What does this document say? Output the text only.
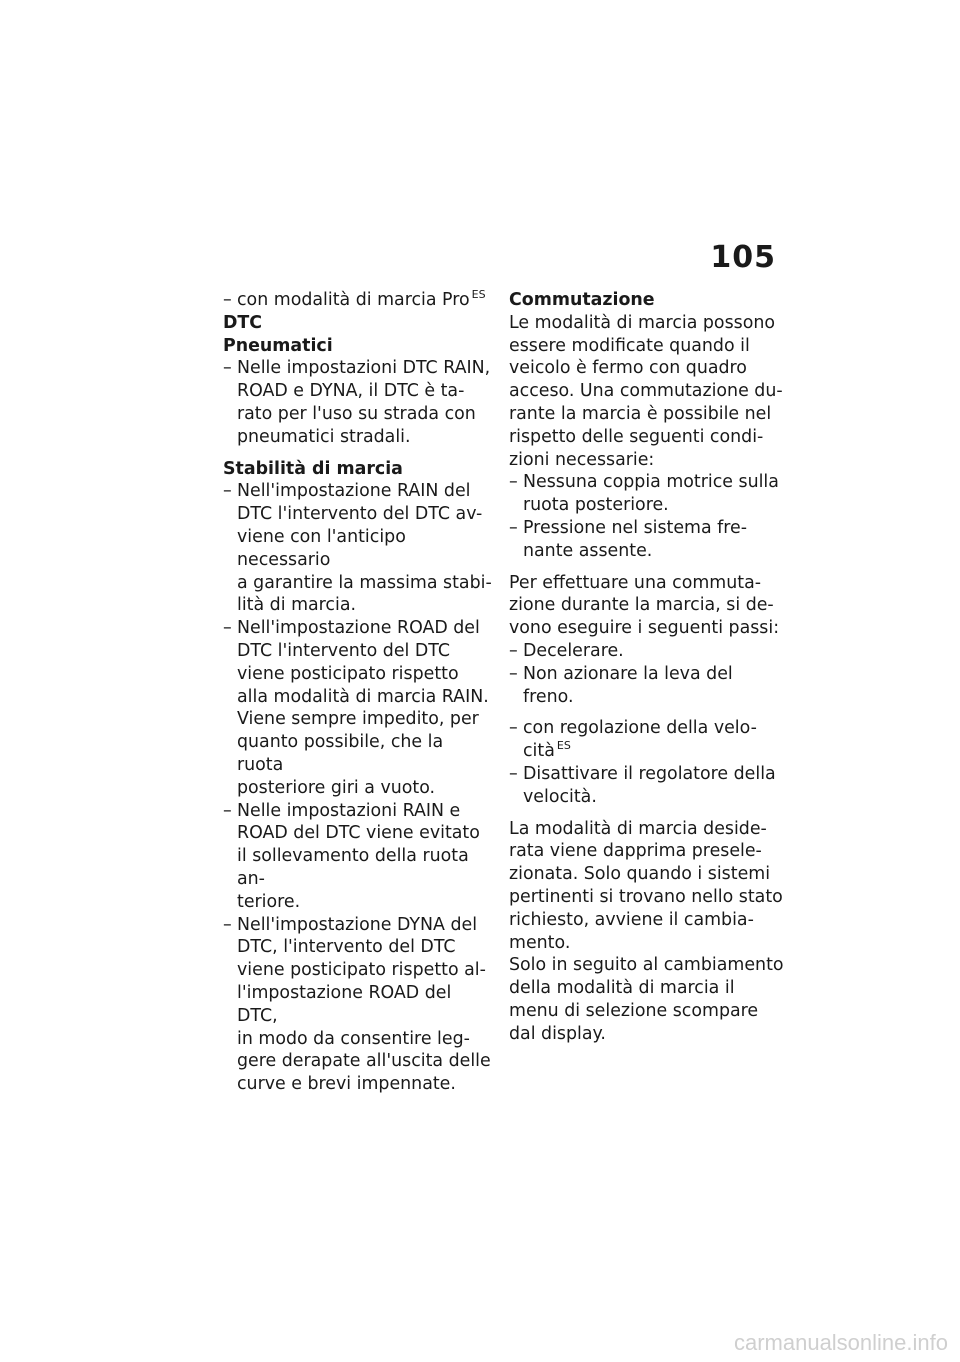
105
– con modalità di marcia Pro $^{ES}$
DTC
Pneumatici
– Nelle impostazioni DTC RAIN,
ROAD e DYNA, il DTC è ta-
rato per l'uso su strada con
pneumatici stradali.
Stabilità di marcia
– Nell'impostazione RAIN del
DTC l'intervento del DTC av-
viene con l'anticipo necessario
a garantire la massima stabi-
lità di marcia.
– Nell'impostazione ROAD del
DTC l'intervento del DTC
viene posticipato rispetto
alla modalità di marcia RAIN.
Viene sempre impedito, per
quanto possibile, che la ruota
posteriore giri a vuoto.
– Nelle impostazioni RAIN e
ROAD del DTC viene evitato
il sollevamento della ruota an-
teriore.
– Nell'impostazione DYNA del
DTC, l'intervento del DTC
viene posticipato rispetto al-
l'impostazione ROAD del DTC,
in modo da consentire leg-
gere derapate all'uscita delle
curve e brevi impennate.
Commutazione
Le modalità di marcia possono
essere modificate quando il
veicolo è fermo con quadro
acceso. Una commutazione du-
rante la marcia è possibile nel
rispetto delle seguenti condi-
zioni necessarie:
– Nessuna coppia motrice sulla
ruota posteriore.
– Pressione nel sistema fre-
nante assente.
Per effettuare una commuta-
zione durante la marcia, si de-
vono eseguire i seguenti passi:
– Decelerare.
– Non azionare la leva del freno.
– con regolazione della velo-
cità $^{ES}$
– Disattivare il regolatore della
velocità.
La modalità di marcia deside-
rata viene dapprima presele-
zionata. Solo quando i sistemi
pertinenti si trovano nello stato
richiesto, avviene il cambia-
mento.
Solo in seguito al cambiamento
della modalità di marcia il
menu di selezione scompare
dal display.
carmanualsonline.info
